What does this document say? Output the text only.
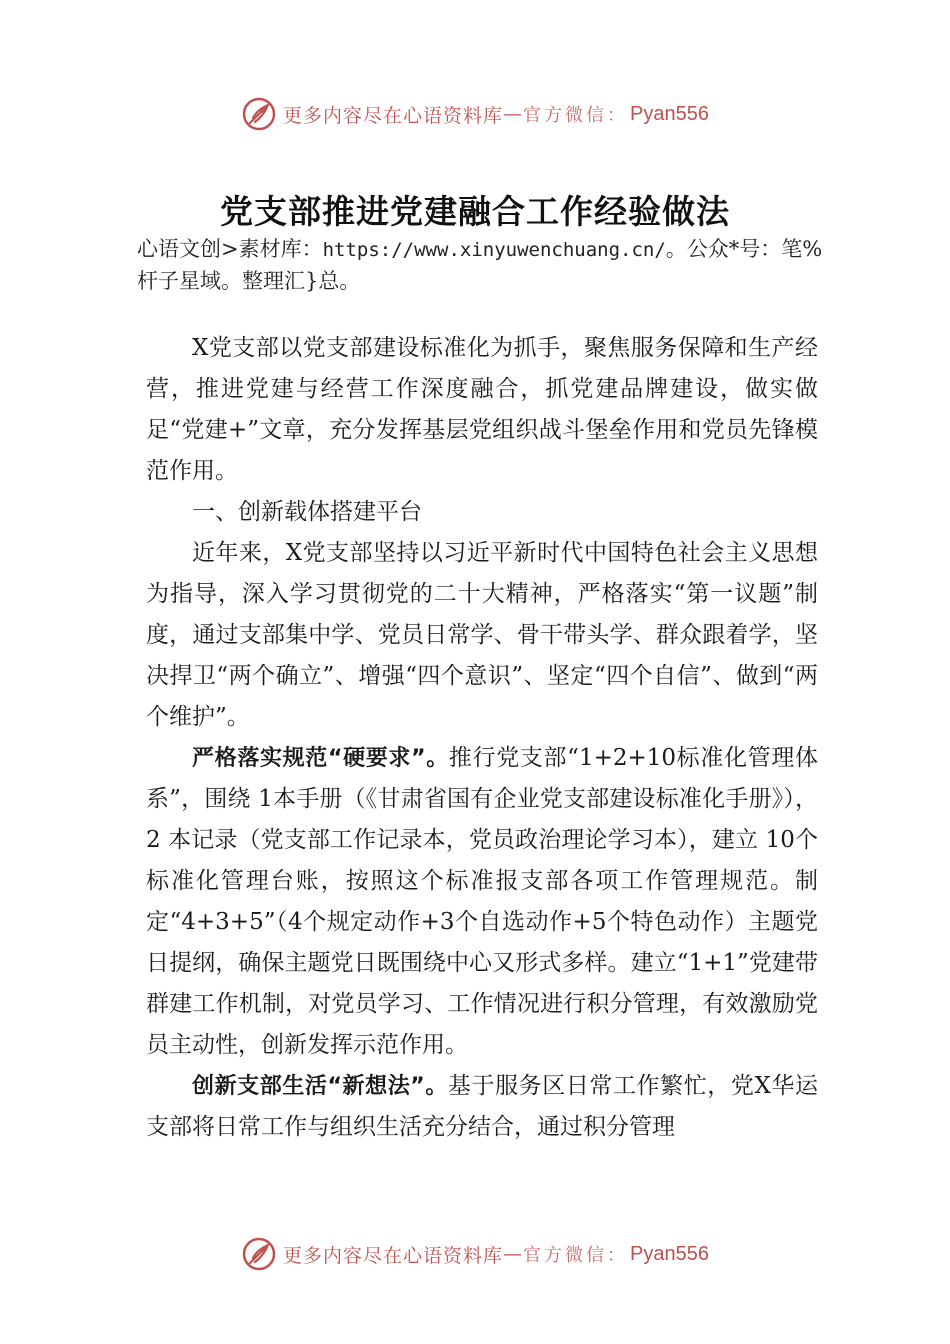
更多内容尽在心语资料库 — 官方微信： Pyan556
党支部推进党建融合工作经验做法
心语文创>素材库：https://www.xinyuwenchuang.cn/。公众*号：笔%杆子星域。整理汇}总。

X党支部以党支部建设标准化为抓手，聚焦服务保障和生产经营，推进党建与经营工作深度融合，抓党建品牌建设，做实做足“党建+”文章，充分发挥基层党组织战斗堡垒作用和党员先锋模范作用。

一、创新载体搭建平台

近年来，X党支部坚持以习近平新时代中国特色社会主义思想为指导，深入学习贯彻党的二十大精神，严格落实“第一议题”制度，通过支部集中学、党员日常学、骨干带头学、群众跟着学，坚决捍卫“两个确立”、增强“四个意识”、坚定“四个自信”、做到“两个维护”。

严格落实规范“硬要求”。推行党支部“1+2+10标准化管理体系”，围绕 1本手册（《甘肃省国有企业党支部建设标准化手册》），2 本记录（党支部工作记录本，党员政治理论学习本），建立 10个标准化管理台账，按照这个标准报支部各项工作管理规范。制定“4+3+5”（4个规定动作+3个自选动作+5个特色动作）主题党日提纲，确保主题党日既围绕中心又形式多样。建立“1+1”党建带群建工作机制，对党员学习、工作情况进行积分管理，有效激励党员主动性，创新发挥示范作用。

创新支部生活“新想法”。基于服务区日常工作繁忙，党X华运支部将日常工作与组织生活充分结合，通过积分管理

更多内容尽在心语资料库 — 官方微信： Pyan556
